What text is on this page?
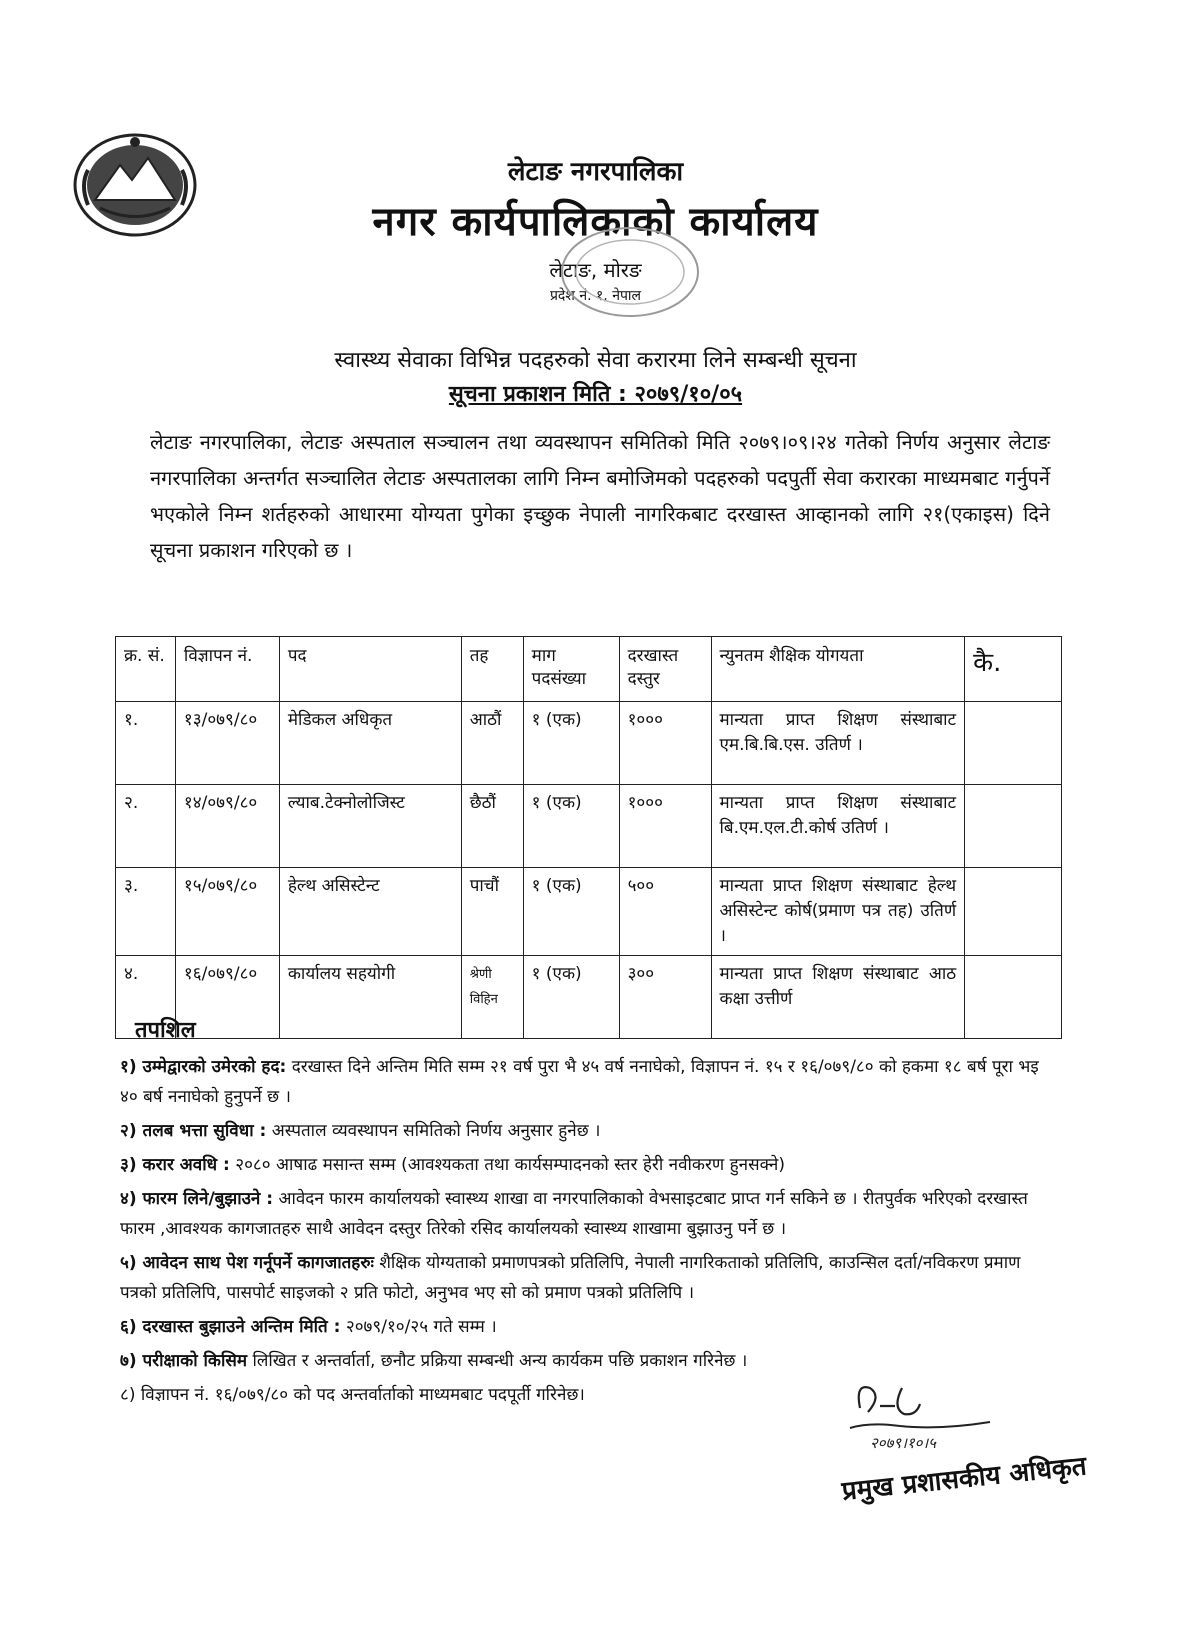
लेटाङ नगरपालिका
नगर कार्यपालिकाको कार्यालय
लेटाङ, मोरङ
प्रदेश नं. १, नेपाल
स्वास्थ्य सेवाका विभिन्न पदहरुको सेवा करारमा लिने सम्बन्धी सूचना
सूचना प्रकाशन मिति : २०७९/१०/०५
लेटाङ नगरपालिका, लेटाङ अस्पताल सञ्चालन तथा व्यवस्थापन समितिको मिति २०७९।०९।२४ गतेको निर्णय अनुसार लेटाङ नगरपालिका अन्तर्गत सञ्चालित लेटाङ अस्पतालका लागि निम्न बमोजिमको पदहरुको पदपुर्ती सेवा करारका माध्यमबाट गर्नुपर्ने भएकोले निम्न शर्तहरुको आधारमा योग्यता पुगेका इच्छुक नेपाली नागरिकबाट दरखास्त आव्हानको लागि २१(एकाइस) दिने सूचना प्रकाशन गरिएको छ ।
क्र. सं.	विज्ञापन नं.	पद	तह	माग पदसंख्या	दरखास्त दस्तुर	न्युनतम शैक्षिक योगयता	कै.
१.	१३/०७९/८०	मेडिकल अधिकृत	आठौं	१ (एक)	१०००	मान्यता प्राप्त शिक्षण संस्थाबाट एम.बि.बि.एस. उतिर्ण ।	
२.	१४/०७९/८०	ल्याब.टेक्नोलोजिस्ट	छैठौं	१ (एक)	१०००	मान्यता प्राप्त शिक्षण संस्थाबाट बि.एम.एल.टी.कोर्ष उतिर्ण ।	
३.	१५/०७९/८०	हेल्थ असिस्टेन्ट	पाचौं	१ (एक)	५००	मान्यता प्राप्त शिक्षण संस्थाबाट हेल्थ असिस्टेन्ट कोर्ष(प्रमाण पत्र तह) उतिर्ण ।	
४.	१६/०७९/८०	कार्यालय सहयोगी	श्रेणी विहिन	१ (एक)	३००	मान्यता प्राप्त शिक्षण संस्थाबाट आठ कक्षा उत्तीर्ण	
तपशिल

१) उम्मेद्वारको उमेरको हद: दरखास्त दिने अन्तिम मिति सम्म २१ वर्ष पुरा भै ४५ वर्ष ननाघेको, विज्ञापन नं. १५ र १६/०७९/८० को हकमा १८ बर्ष पूरा भइ ४० बर्ष ननाघेको हुनुपर्ने छ ।

२) तलब भत्ता सुविधा : अस्पताल व्यवस्थापन समितिको निर्णय अनुसार हुनेछ ।

३) करार अवधि : २०८० आषाढ मसान्त सम्म (आवश्यकता तथा कार्यसम्पादनको स्तर हेरी नवीकरण हुनसक्ने)

४) फारम लिने/बुझाउने : आवेदन फारम कार्यालयको स्वास्थ्य शाखा वा नगरपालिकाको वेभसाइटबाट प्राप्त गर्न सकिने छ । रीतपुर्वक भरिएको दरखास्त फारम ,आवश्यक कागजातहरु साथै आवेदन दस्तुर तिरेको रसिद कार्यालयको स्वास्थ्य शाखामा बुझाउनु पर्ने छ ।

५) आवेदन साथ पेश गर्नूपर्ने कागजातहरुः शैक्षिक योग्यताको प्रमाणपत्रको प्रतिलिपि, नेपाली नागरिकताको प्रतिलिपि, काउन्सिल दर्ता/नविकरण प्रमाण पत्रको प्रतिलिपि, पासपोर्ट साइजको २ प्रति फोटो, अनुभव भए सो को प्रमाण पत्रको प्रतिलिपि ।

६) दरखास्त बुझाउने अन्तिम मिति : २०७९/१०/२५ गते सम्म ।

७) परीक्षाको किसिम लिखित र अन्तर्वार्ता, छनौट प्रक्रिया सम्बन्धी अन्य कार्यकम पछि प्रकाशन गरिनेछ ।

८) विज्ञापन नं. १६/०७९/८० को पद अन्तर्वार्ताको माध्यमबाट पदपूर्ती गरिनेछ।

२०७९।१०।५
प्रमुख प्रशासकीय अधिकृत
